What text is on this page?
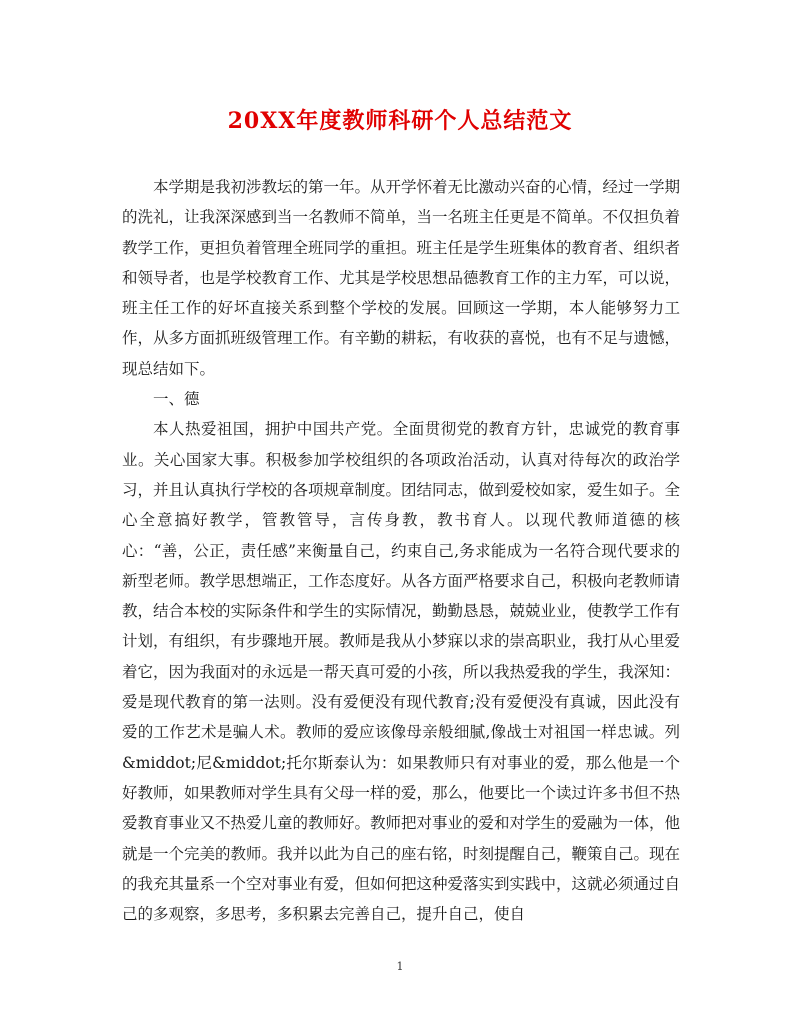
20XX年度教师科研个人总结范文

本学期是我初涉教坛的第一年。从开学怀着无比激动兴奋的心情，经过一学期的洗礼，让我深深感到当一名教师不简单，当一名班主任更是不简单。不仅担负着教学工作，更担负着管理全班同学的重担。班主任是学生班集体的教育者、组织者和领导者，也是学校教育工作、尤其是学校思想品德教育工作的主力军，可以说，班主任工作的好坏直接关系到整个学校的发展。回顾这一学期，本人能够努力工作，从多方面抓班级管理工作。有辛勤的耕耘，有收获的喜悦，也有不足与遗憾，现总结如下。

一、德

本人热爱祖国，拥护中国共产党。全面贯彻党的教育方针，忠诚党的教育事业。关心国家大事。积极参加学校组织的各项政治活动，认真对待每次的政治学习，并且认真执行学校的各项规章制度。团结同志，做到爱校如家，爱生如子。全心全意搞好教学，管教管导，言传身教，教书育人。以现代教师道德的核心：“善，公正，责任感”来衡量自己，约束自己,务求能成为一名符合现代要求的新型老师。教学思想端正，工作态度好。从各方面严格要求自己，积极向老教师请教，结合本校的实际条件和学生的实际情况，勤勤恳恳，兢兢业业，使教学工作有计划，有组织，有步骤地开展。教师是我从小梦寐以求的崇高职业，我打从心里爱着它，因为我面对的永远是一帮天真可爱的小孩，所以我热爱我的学生，我深知：爱是现代教育的第一法则。没有爱便没有现代教育;没有爱便没有真诚，因此没有爱的工作艺术是骗人术。教师的爱应该像母亲般细腻,像战士对祖国一样忠诚。列&middot;尼&middot;托尔斯泰认为：如果教师只有对事业的爱，那么他是一个好教师，如果教师对学生具有父母一样的爱，那么，他要比一个读过许多书但不热爱教育事业又不热爱儿童的教师好。教师把对事业的爱和对学生的爱融为一体，他就是一个完美的教师。我并以此为自己的座右铭，时刻提醒自己，鞭策自己。现在的我充其量系一个空对事业有爱，但如何把这种爱落实到实践中，这就必须通过自己的多观察，多思考，多积累去完善自己，提升自己，使自

1
